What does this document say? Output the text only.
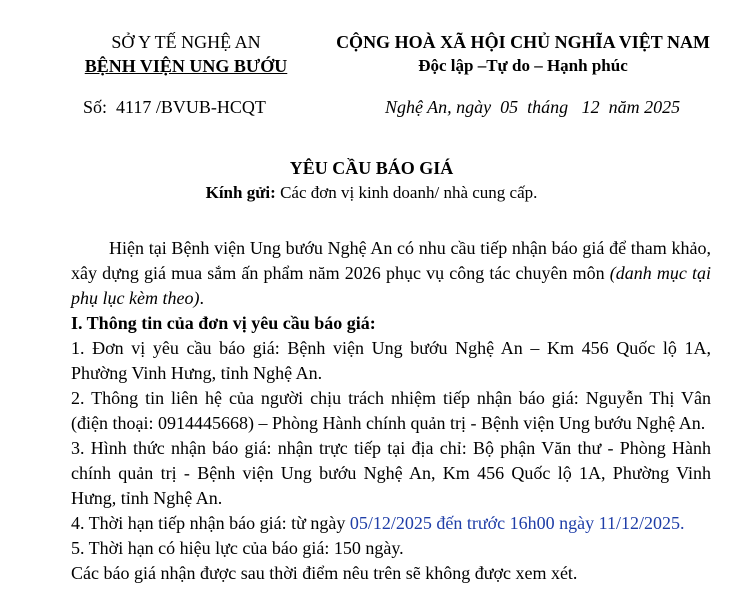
SỞ Y TẾ NGHỆ AN
BỆNH VIỆN UNG BƯỚU
CỘNG HOÀ XÃ HỘI CHỦ NGHĨA VIỆT NAM
Độc lập –Tự do – Hạnh phúc
Số:  4117 /BVUB-HCQT	Nghệ An, ngày  05  tháng   12  năm 2025
YÊU CẦU BÁO GIÁ
Kính gửi: Các đơn vị kinh doanh/ nhà cung cấp.

Hiện tại Bệnh viện Ung bướu Nghệ An có nhu cầu tiếp nhận báo giá để tham khảo, xây dựng giá mua sắm ấn phẩm năm 2026 phục vụ công tác chuyên môn (danh mục tại phụ lục kèm theo).

I. Thông tin của đơn vị yêu cầu báo giá:

1. Đơn vị yêu cầu báo giá: Bệnh viện Ung bướu Nghệ An – Km 456 Quốc lộ 1A, Phường Vinh Hưng, tỉnh Nghệ An.

2. Thông tin liên hệ của người chịu trách nhiệm tiếp nhận báo giá: Nguyễn Thị Vân (điện thoại: 0914445668) – Phòng Hành chính quản trị - Bệnh viện Ung bướu Nghệ An.

3. Hình thức nhận báo giá: nhận trực tiếp tại địa chỉ: Bộ phận Văn thư - Phòng Hành chính quản trị - Bệnh viện Ung bướu Nghệ An, Km 456 Quốc lộ 1A, Phường Vinh Hưng, tỉnh Nghệ An.

4. Thời hạn tiếp nhận báo giá: từ ngày 05/12/2025 đến trước 16h00 ngày 11/12/2025.

5. Thời hạn có hiệu lực của báo giá: 150 ngày.

Các báo giá nhận được sau thời điểm nêu trên sẽ không được xem xét.
